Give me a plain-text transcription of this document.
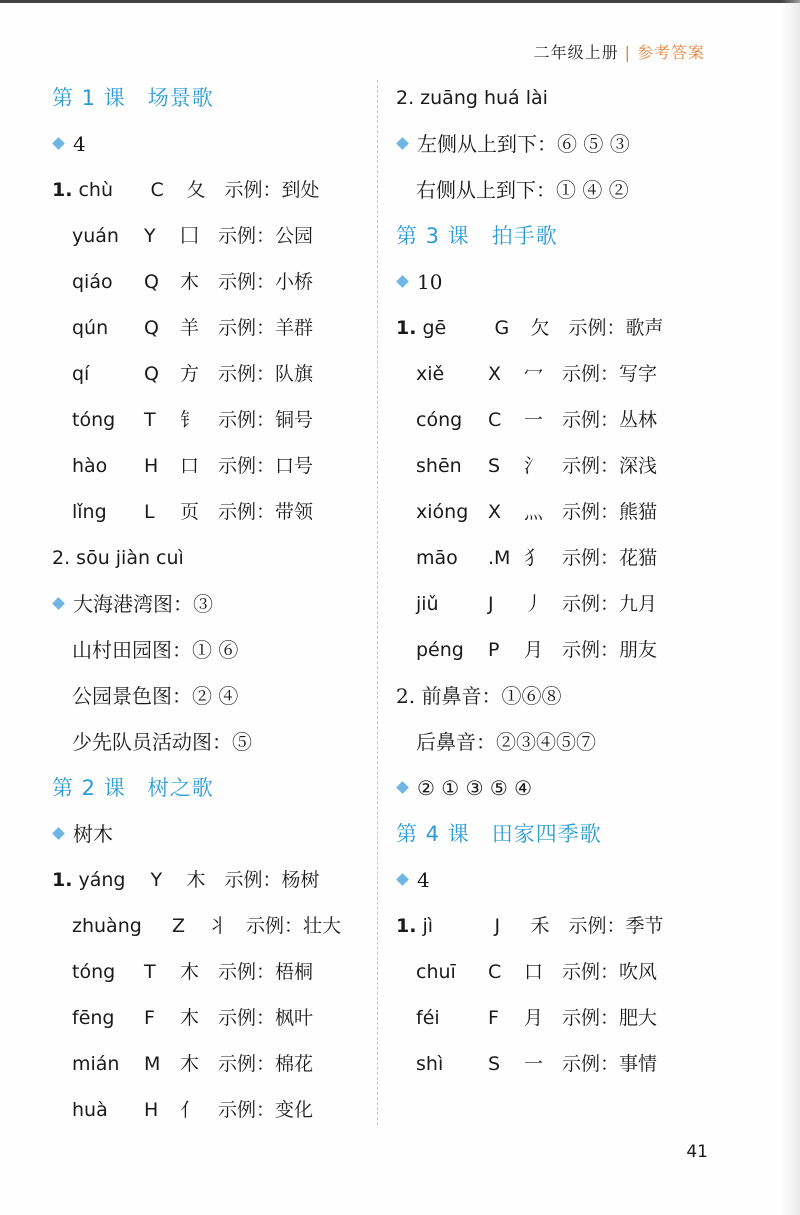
二年级上册 | 参考答案
第 1 课 场景歌
4
1. chù C 夂 示例：到处
yuán Y 囗 示例：公园
qiáo Q 木 示例：小桥
qún Q 羊 示例：羊群
qí	Q 方 示例：队旗
tóng T 钅 示例：铜号
hào H 口 示例：口号
lǐng L 页 示例：带领
2. sōu jiàn cuì
大海港湾图：③
山村田园图：① ⑥
公园景色图：② ④
少先队员活动图：⑤
第 2 课 树之歌
树木
1. yáng Y 木 示例：杨树
zhuàng Z 丬 示例：壮大
tóng T 木 示例：梧桐
fēng F 木 示例：枫叶
mián M 木 示例：棉花
huà H 亻 示例：变化
2. zuāng huá lài
左侧从上到下：⑥ ⑤ ③
右侧从上到下：① ④ ②
第 3 课 拍手歌
10
1. gē	G 欠 示例：歌声
xiě X 冖 示例：写字
cóng C 一 示例：丛林
shēn S 氵 示例：深浅
xióng X 灬 示例：熊猫
māo .M 犭 示例：花猫
jiǔ	J 丿 示例：九月
péng P 月 示例：朋友
2. 前鼻音：①⑥⑧
后鼻音：②③④⑤⑦
② ① ③ ⑤ ④
第 4 课 田家四季歌
4
1. jì	J 禾 示例：季节
chuī C 口 示例：吹风
féi	F 月 示例：肥大
shì S 一 示例：事情
41
